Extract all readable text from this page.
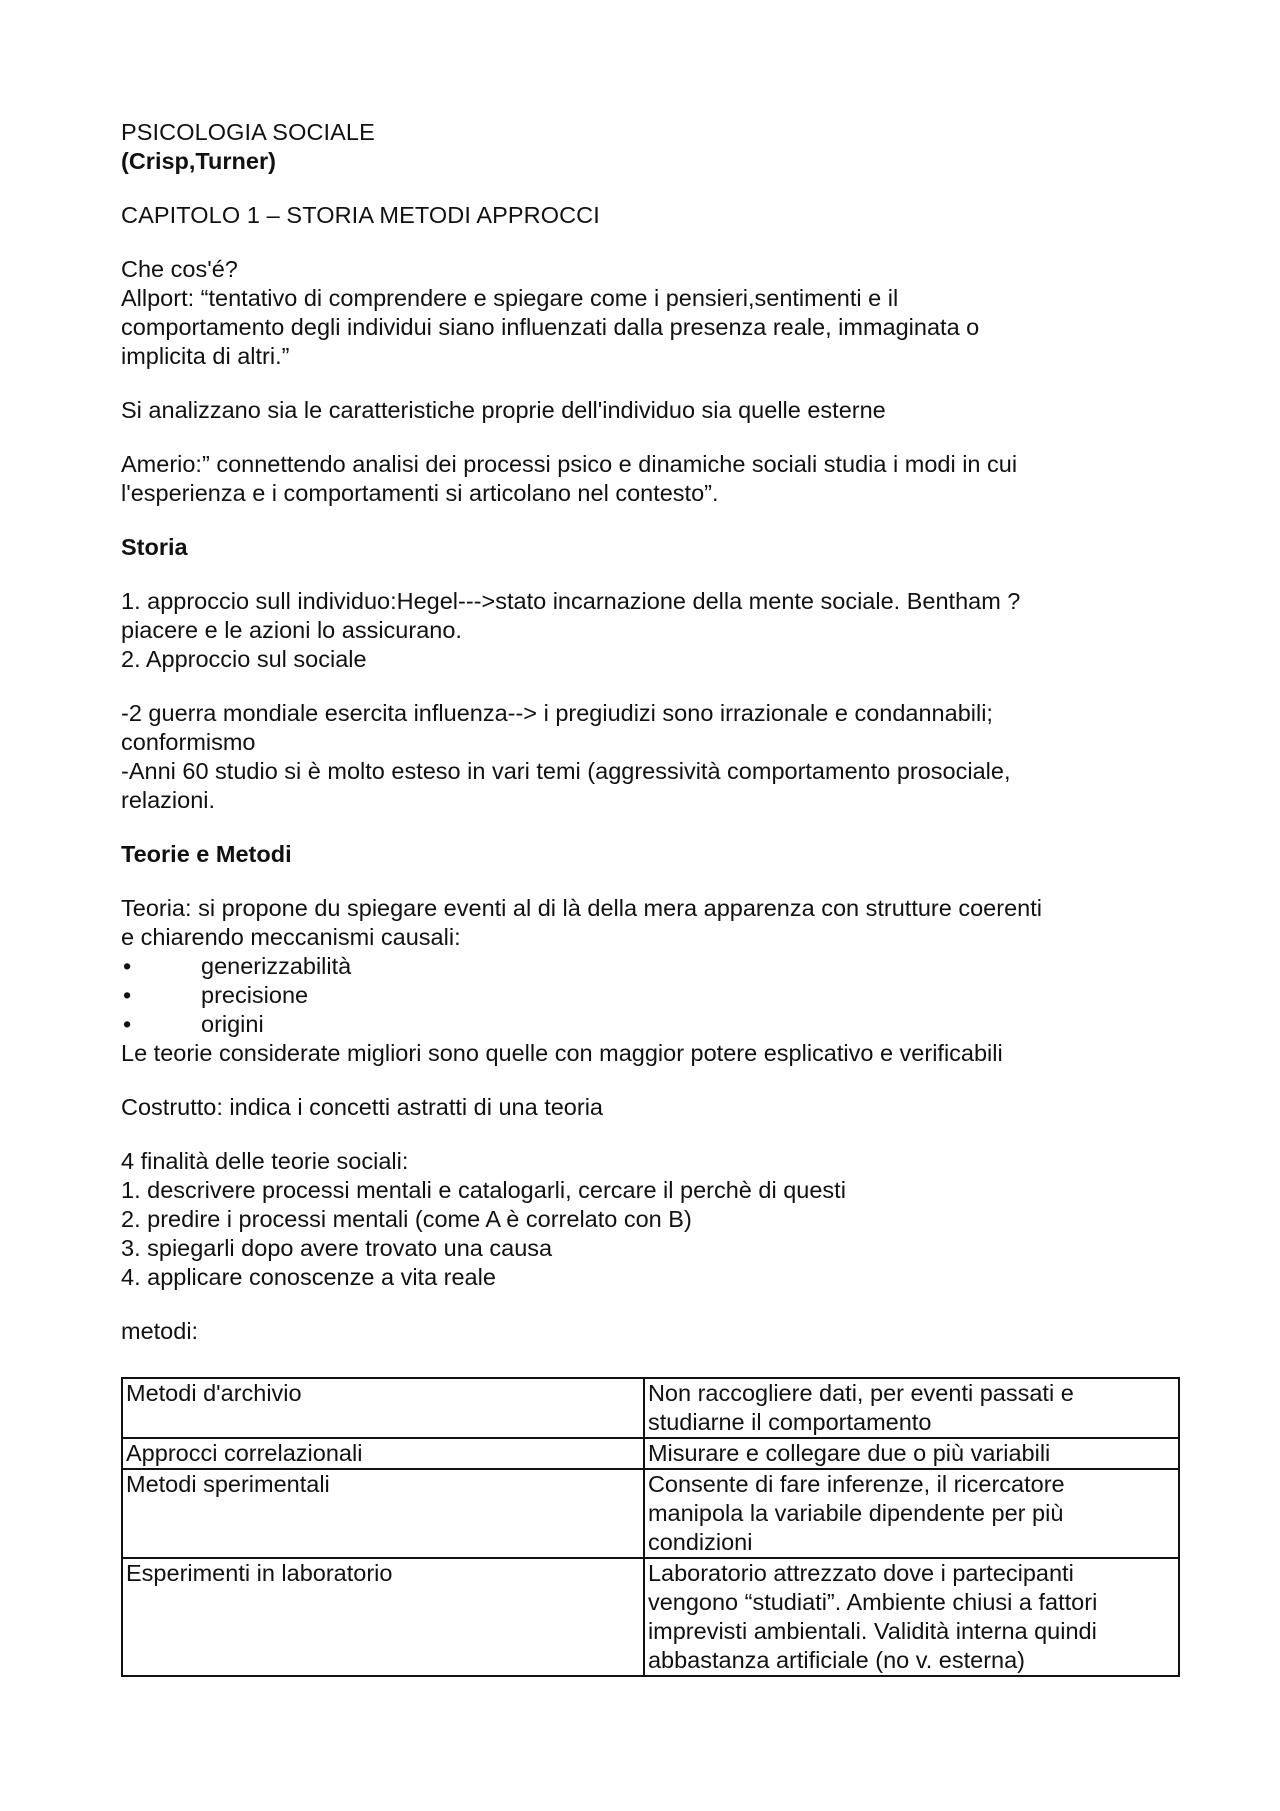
PSICOLOGIA SOCIALE

(Crisp,Turner)

CAPITOLO 1 – STORIA METODI APPROCCI

Che cos'é?

Allport: “tentativo di comprendere e spiegare come i pensieri,sentimenti e il

comportamento degli individui siano influenzati dalla presenza reale, immaginata o

implicita di altri.”

Si analizzano sia le caratteristiche proprie dell'individuo sia quelle esterne

Amerio:” connettendo analisi dei processi psico e dinamiche sociali studia i modi in cui

l'esperienza e i comportamenti si articolano nel contesto”.

Storia

1. approccio sull individuo:Hegel--->stato incarnazione della mente sociale. Bentham ?

piacere e le azioni lo assicurano.

2. Approccio sul sociale

-2 guerra mondiale esercita influenza--> i pregiudizi sono irrazionale e condannabili;

conformismo

-Anni 60 studio si è molto esteso in vari temi (aggressività comportamento prosociale,

relazioni.

Teorie e Metodi

Teoria: si propone du spiegare eventi al di là della mera apparenza con strutture coerenti

e chiarendo meccanismi causali:

•	generizzabilità
•	precisione
•	origini

Le teorie considerate migliori sono quelle con maggior potere esplicativo e verificabili

Costrutto: indica i concetti astratti di una teoria

4 finalità delle teorie sociali:

1. descrivere processi mentali e catalogarli, cercare il perchè di questi

2. predire i processi mentali (come A è correlato con B)

3. spiegarli dopo avere trovato una causa

4. applicare conoscenze a vita reale

metodi:

Metodi d'archivio	Non raccogliere dati, per eventi passati e
studiarne il comportamento

Approcci correlazionali	Misurare e collegare due o più variabili

Metodi sperimentali	Consente di fare inferenze, il ricercatore
manipola la variabile dipendente per più
condizioni

Esperimenti in laboratorio	Laboratorio attrezzato dove i partecipanti
vengono “studiati”. Ambiente chiusi a fattori
imprevisti ambientali. Validità interna quindi
abbastanza artificiale (no v. esterna)
